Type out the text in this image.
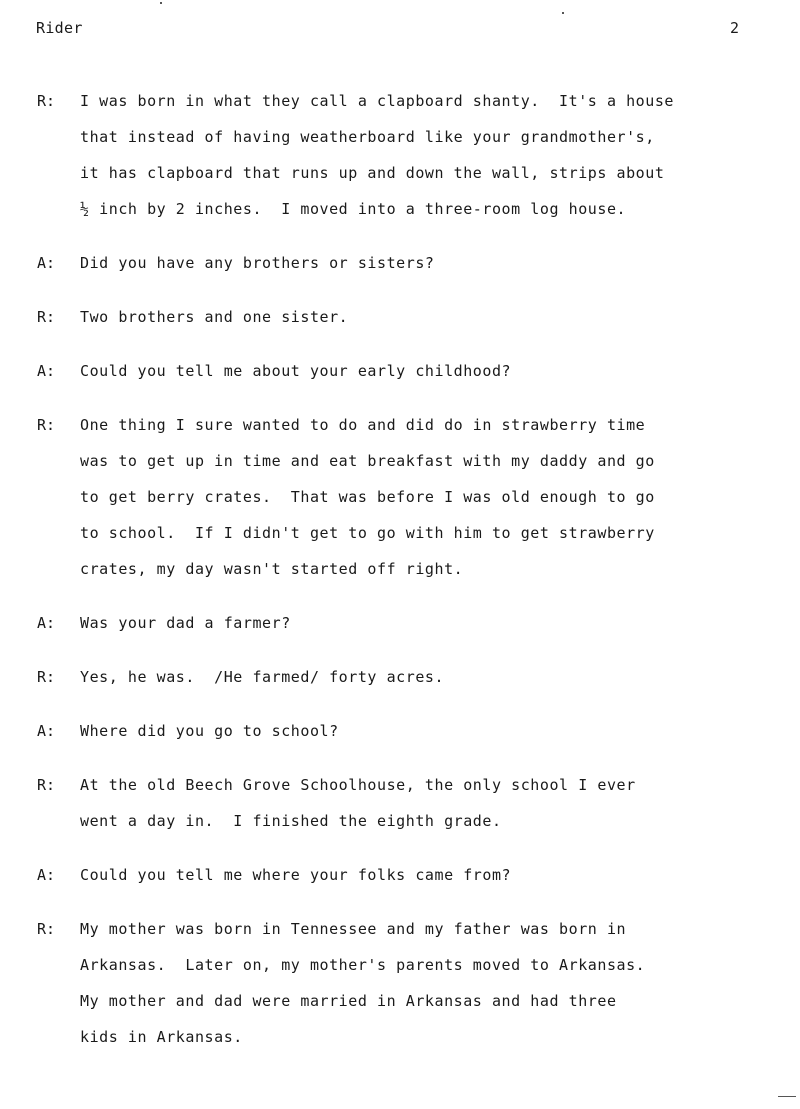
Rider	2
R: I was born in what they call a clapboard shanty.  It's a house
that instead of having weatherboard like your grandmother's,
it has clapboard that runs up and down the wall, strips about
½ inch by 2 inches.  I moved into a three-room log house.
A: Did you have any brothers or sisters?
R: Two brothers and one sister.
A: Could you tell me about your early childhood?
R: One thing I sure wanted to do and did do in strawberry time
was to get up in time and eat breakfast with my daddy and go
to get berry crates.  That was before I was old enough to go
to school.  If I didn't get to go with him to get strawberry
crates, my day wasn't started off right.
A: Was your dad a farmer?
R: Yes, he was.  /He farmed/ forty acres.
A: Where did you go to school?
R: At the old Beech Grove Schoolhouse, the only school I ever
went a day in.  I finished the eighth grade.
A: Could you tell me where your folks came from?
R: My mother was born in Tennessee and my father was born in
Arkansas.  Later on, my mother's parents moved to Arkansas.
My mother and dad were married in Arkansas and had three
kids in Arkansas.
